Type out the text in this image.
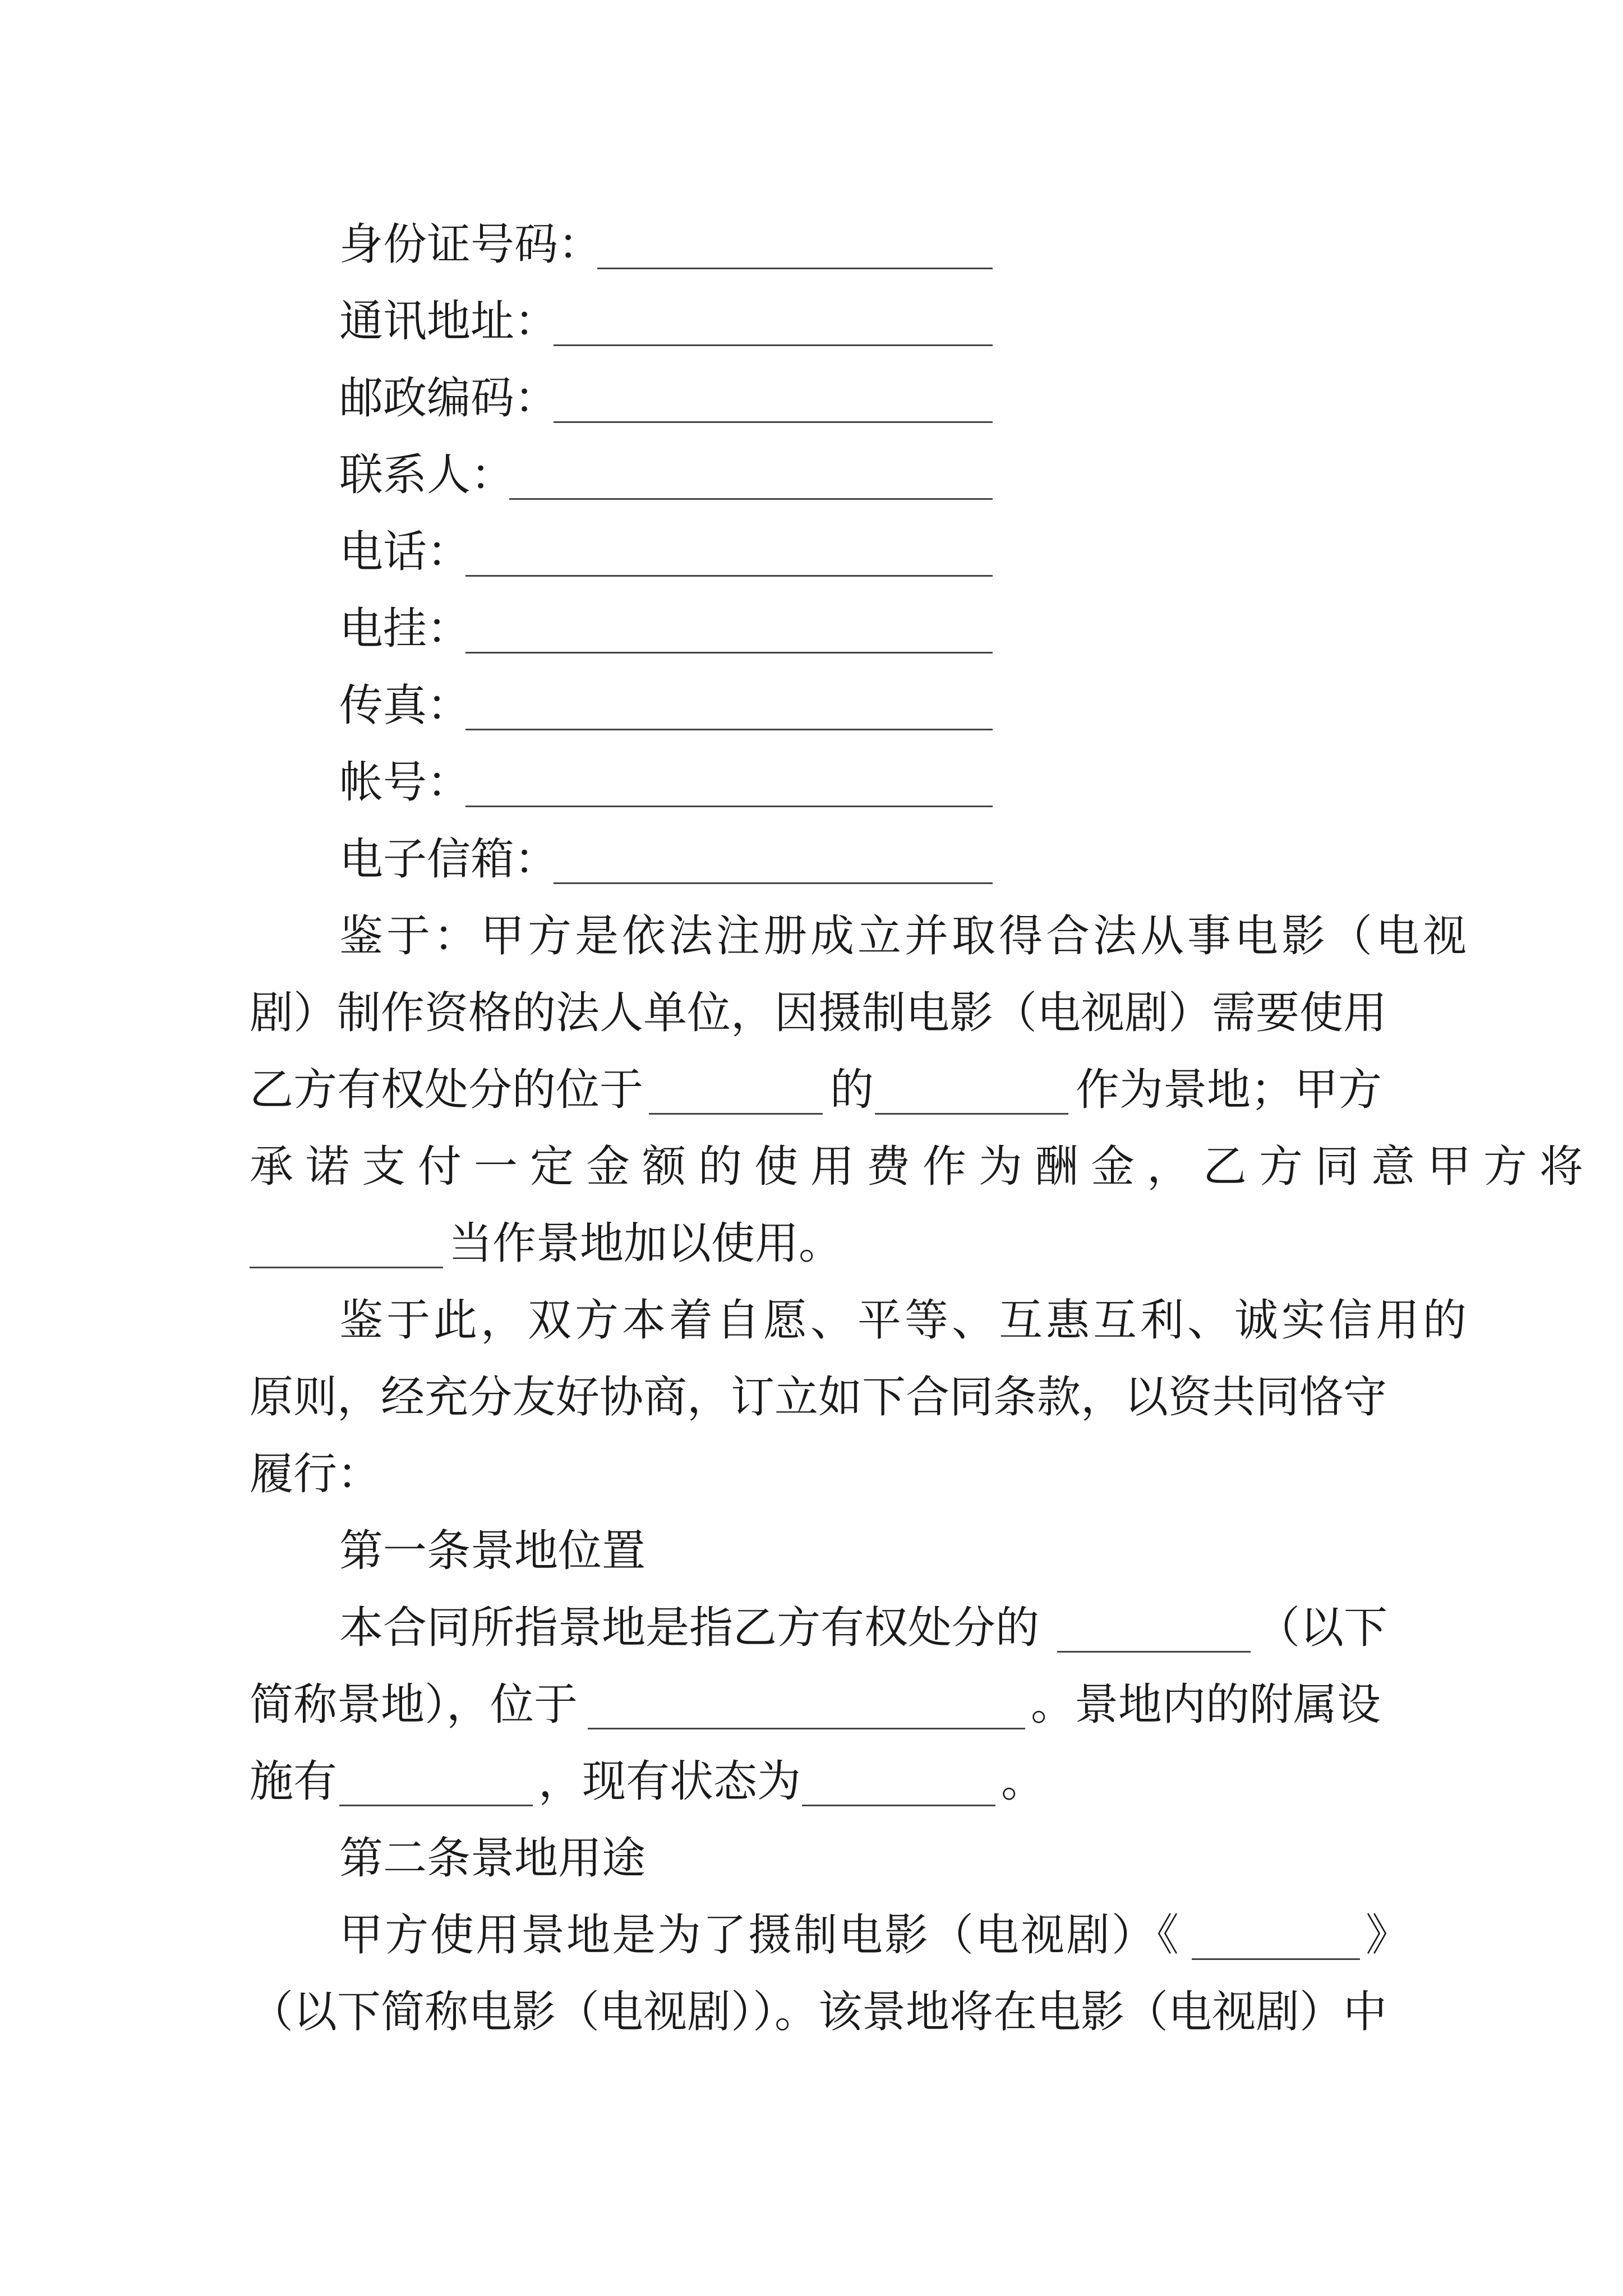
身份证号码：
通讯地址：
邮政编码：
联系人：
电话：
电挂：
传真：
帐号：
电子信箱：
鉴于：甲方是依法注册成立并取得合法从事电影（电视
剧）制作资格的法人单位，因摄制电影（电视剧）需要使用
乙方有权处分的位于	的	作为景地；甲方
承诺支付一定金额的使用费作为酬金，乙方同意甲方将
当作景地加以使用。
鉴于此，双方本着自愿、平等、互惠互利、诚实信用的
原则，经充分友好协商，订立如下合同条款，以资共同恪守
履行：
第一条景地位置
本合同所指景地是指乙方有权处分的	（以下
简称景地），位于	。景地内的附属设
施有	，现有状态为	。
第二条景地用途
甲方使用景地是为了摄制电影（电视剧）《	》
（以下简称电影（电视剧））。该景地将在电影（电视剧）中
